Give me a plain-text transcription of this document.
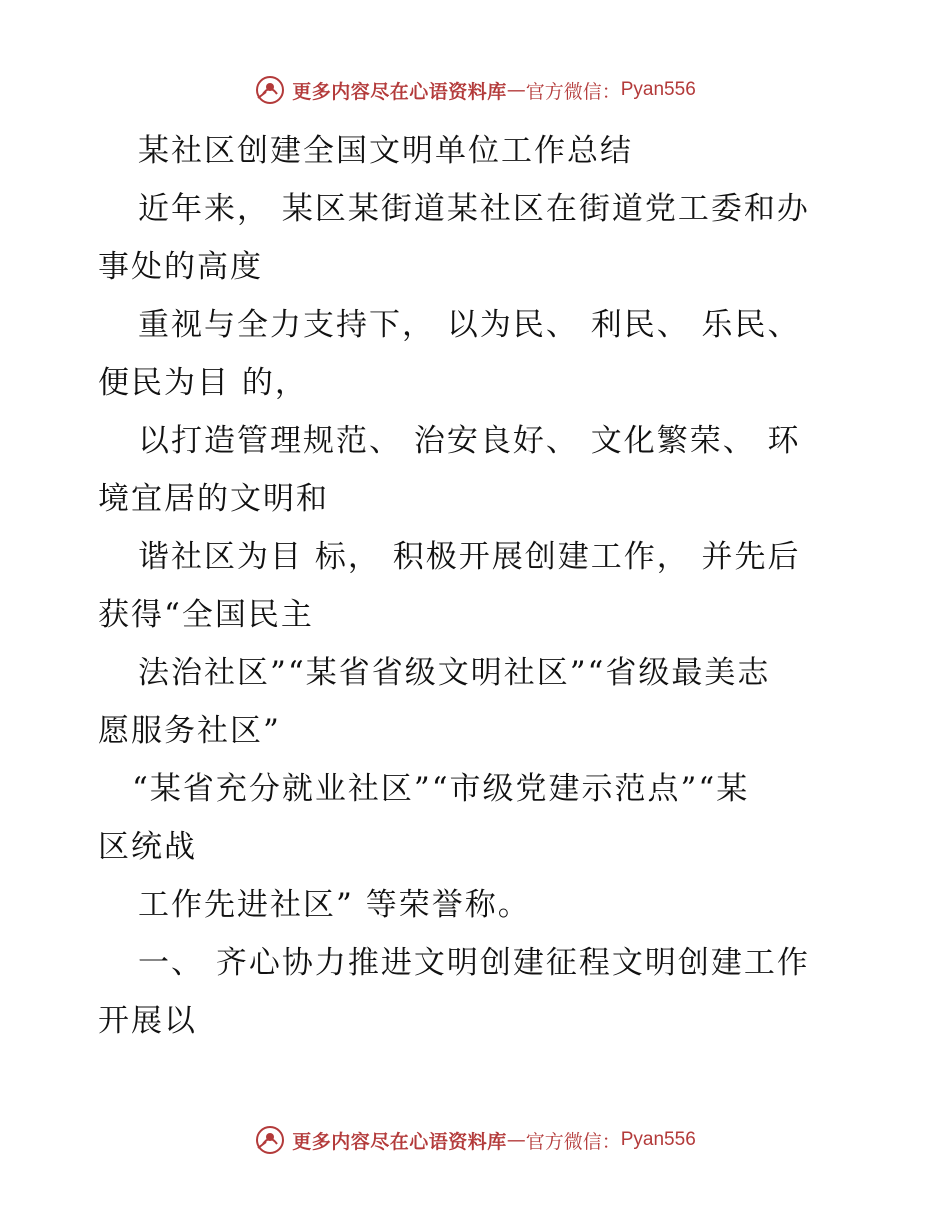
更多内容尽在心语资料库 — 官方微信： Pyan556
某社区创建全国文明单位工作总结
近年来， 某区某街道某社区在街道党工委和办
事处的高度
重视与全力支持下， 以为民、 利民、 乐民、
便民为目 的，
以打造管理规范、 治安良好、 文化繁荣、 环
境宜居的文明和
谐社区为目 标， 积极开展创建工作， 并先后
获得“全国民主
法治社区”“某省省级文明社区”“省级最美志
愿服务社区”
“某省充分就业社区”“市级党建示范点”“某
区统战
工作先进社区” 等荣誉称。
一、 齐心协力推进文明创建征程文明创建工作
开展以
更多内容尽在心语资料库 — 官方微信： Pyan556
